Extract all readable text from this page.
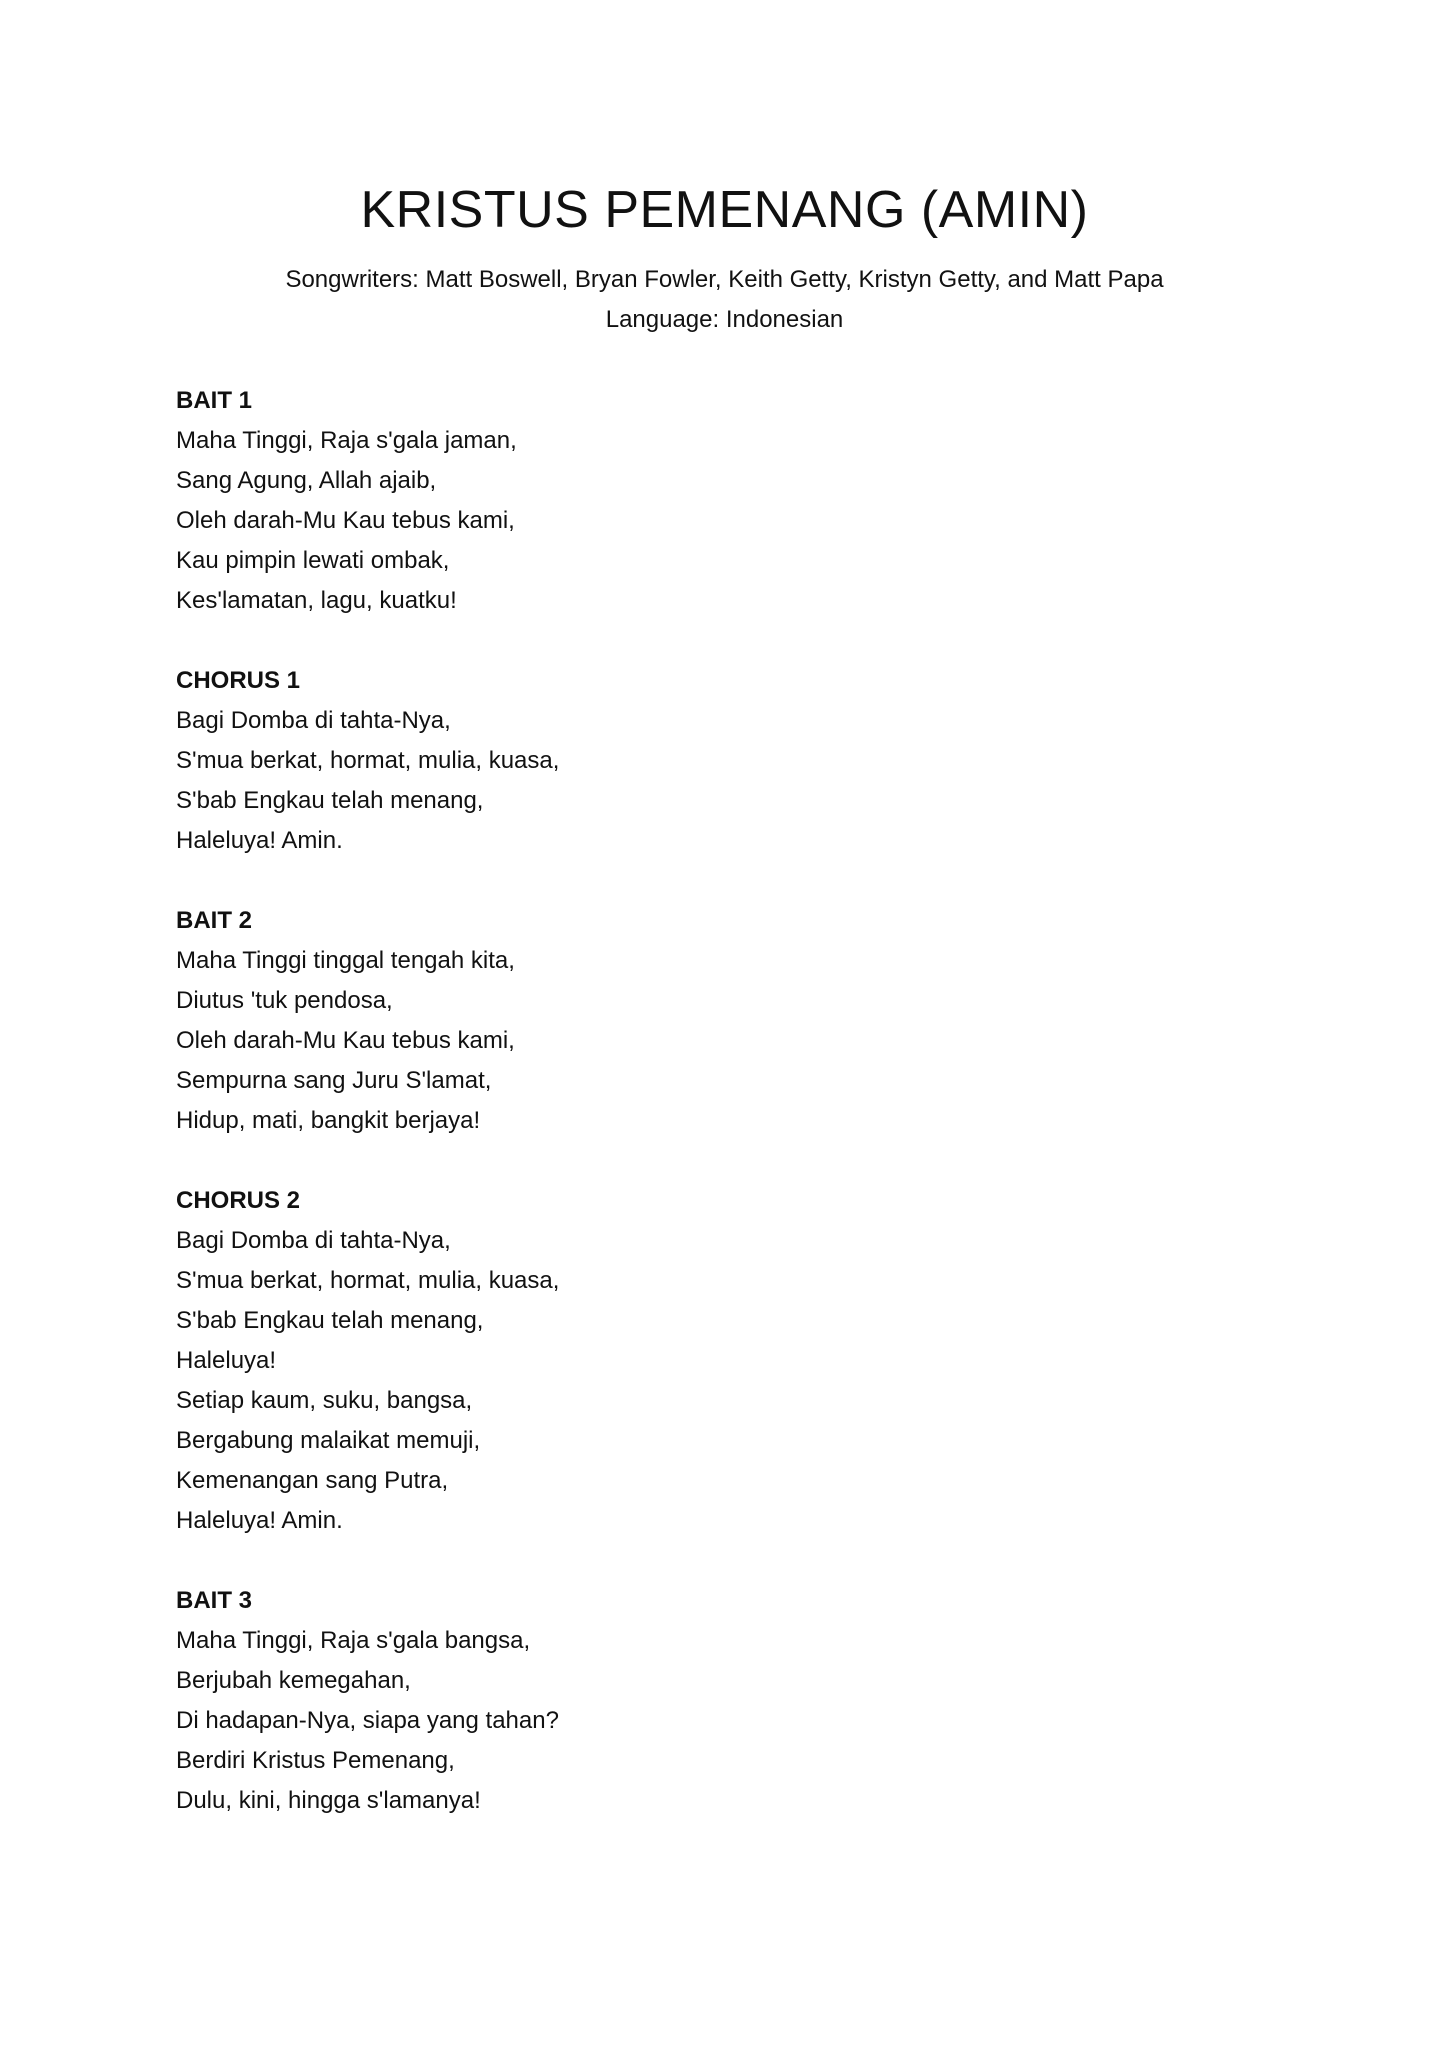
KRISTUS PEMENANG (AMIN)

Songwriters: Matt Boswell, Bryan Fowler, Keith Getty, Kristyn Getty, and Matt Papa

Language: Indonesian

BAIT 1

Maha Tinggi, Raja s'gala jaman,

Sang Agung, Allah ajaib,

Oleh darah-Mu Kau tebus kami,

Kau pimpin lewati ombak,

Kes'lamatan, lagu, kuatku!

CHORUS 1

Bagi Domba di tahta-Nya,

S'mua berkat, hormat, mulia, kuasa,

S'bab Engkau telah menang,

Haleluya! Amin.

BAIT 2

Maha Tinggi tinggal tengah kita,

Diutus 'tuk pendosa,

Oleh darah-Mu Kau tebus kami,

Sempurna sang Juru S'lamat,

Hidup, mati, bangkit berjaya!

CHORUS 2

Bagi Domba di tahta-Nya,

S'mua berkat, hormat, mulia, kuasa,

S'bab Engkau telah menang,

Haleluya!

Setiap kaum, suku, bangsa,

Bergabung malaikat memuji,

Kemenangan sang Putra,

Haleluya! Amin.

BAIT 3

Maha Tinggi, Raja s'gala bangsa,

Berjubah kemegahan,

Di hadapan-Nya, siapa yang tahan?

Berdiri Kristus Pemenang,

Dulu, kini, hingga s'lamanya!
